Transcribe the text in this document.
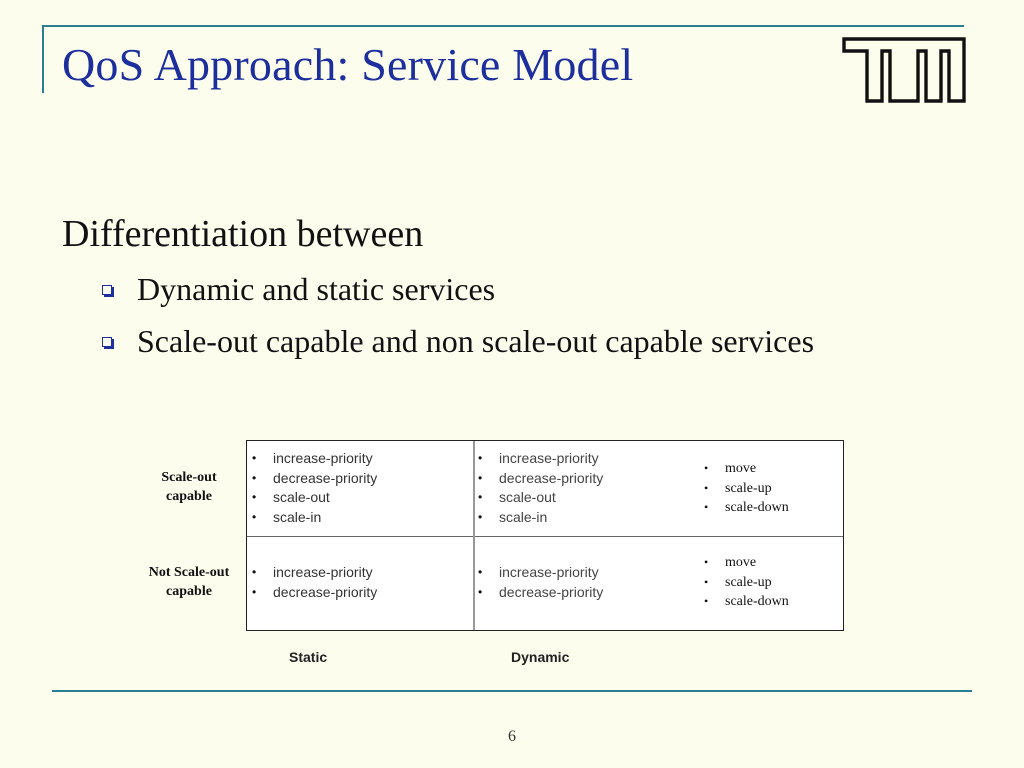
QoS Approach: Service Model
Differentiation between
Dynamic and static services
Scale-out capable and non scale-out capable services
Scale-out capable
Not Scale-out capable
• increase-priority
• decrease-priority
• scale-out
• scale-in
• increase-priority
• decrease-priority
• scale-out
• scale-in
• move
• scale-up
• scale-down
• increase-priority
• decrease-priority
• increase-priority
• decrease-priority
• move
• scale-up
• scale-down
Static	Dynamic
6
